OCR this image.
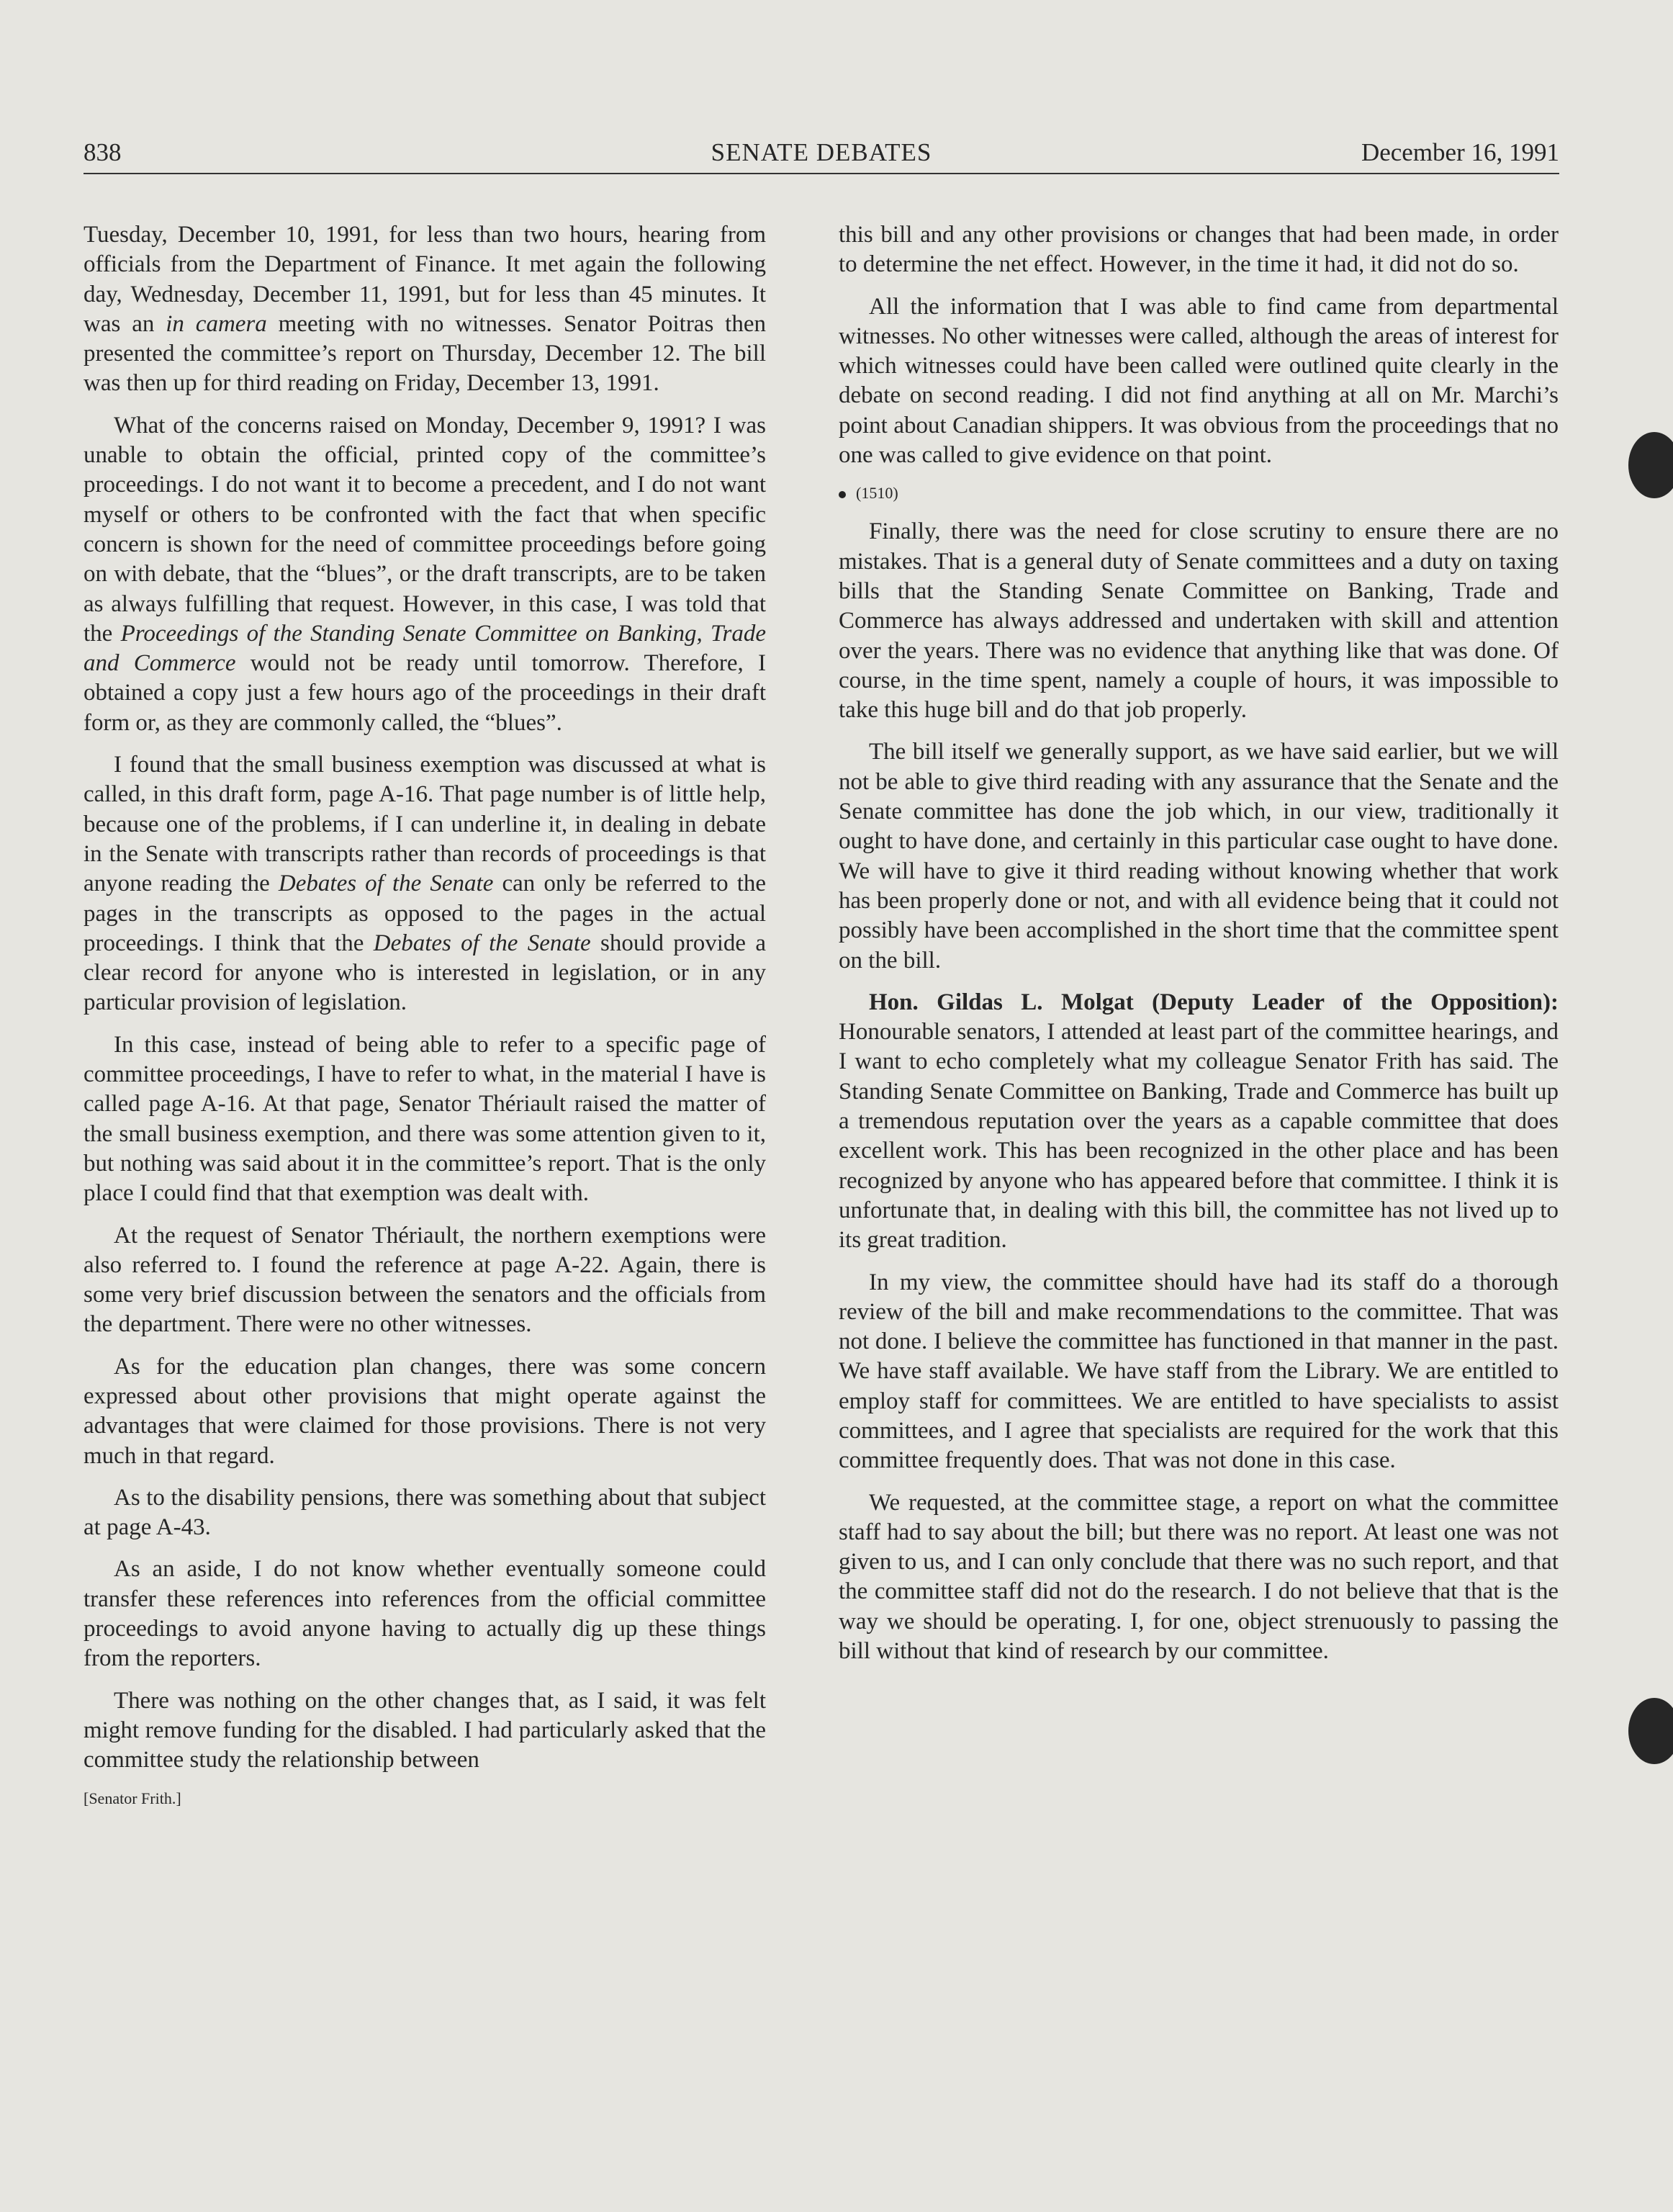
838	SENATE DEBATES	December 16, 1991

Tuesday, December 10, 1991, for less than two hours, hearing from officials from the Department of Finance. It met again the following day, Wednesday, December 11, 1991, but for less than 45 minutes. It was an in camera meeting with no witnesses. Senator Poitras then presented the committee’s report on Thursday, December 12. The bill was then up for third reading on Friday, December 13, 1991.

What of the concerns raised on Monday, December 9, 1991? I was unable to obtain the official, printed copy of the committee’s proceedings. I do not want it to become a precedent, and I do not want myself or others to be confronted with the fact that when specific concern is shown for the need of committee proceedings before going on with debate, that the “blues”, or the draft transcripts, are to be taken as always fulfilling that request. However, in this case, I was told that the Proceedings of the Standing Senate Committee on Banking, Trade and Commerce would not be ready until tomorrow. Therefore, I obtained a copy just a few hours ago of the proceedings in their draft form or, as they are commonly called, the “blues”.

I found that the small business exemption was discussed at what is called, in this draft form, page A-16. That page number is of little help, because one of the problems, if I can underline it, in dealing in debate in the Senate with transcripts rather than records of proceedings is that anyone reading the Debates of the Senate can only be referred to the pages in the transcripts as opposed to the pages in the actual proceedings. I think that the Debates of the Senate should provide a clear record for anyone who is interested in legislation, or in any particular provision of legislation.

In this case, instead of being able to refer to a specific page of committee proceedings, I have to refer to what, in the material I have is called page A-16. At that page, Senator Thériault raised the matter of the small business exemption, and there was some attention given to it, but nothing was said about it in the committee’s report. That is the only place I could find that that exemption was dealt with.

At the request of Senator Thériault, the northern exemptions were also referred to. I found the reference at page A-22. Again, there is some very brief discussion between the senators and the officials from the department. There were no other witnesses.

As for the education plan changes, there was some concern expressed about other provisions that might operate against the advantages that were claimed for those provisions. There is not very much in that regard.

As to the disability pensions, there was something about that subject at page A-43.

As an aside, I do not know whether eventually someone could transfer these references into references from the official committee proceedings to avoid anyone having to actually dig up these things from the reporters.

There was nothing on the other changes that, as I said, it was felt might remove funding for the disabled. I had particularly asked that the committee study the relationship between

[Senator Frith.]

this bill and any other provisions or changes that had been made, in order to determine the net effect. However, in the time it had, it did not do so.

All the information that I was able to find came from departmental witnesses. No other witnesses were called, although the areas of interest for which witnesses could have been called were outlined quite clearly in the debate on second reading. I did not find anything at all on Mr. Marchi’s point about Canadian shippers. It was obvious from the proceedings that no one was called to give evidence on that point.

(1510)

Finally, there was the need for close scrutiny to ensure there are no mistakes. That is a general duty of Senate committees and a duty on taxing bills that the Standing Senate Committee on Banking, Trade and Commerce has always addressed and undertaken with skill and attention over the years. There was no evidence that anything like that was done. Of course, in the time spent, namely a couple of hours, it was impossible to take this huge bill and do that job properly.

The bill itself we generally support, as we have said earlier, but we will not be able to give third reading with any assurance that the Senate and the Senate committee has done the job which, in our view, traditionally it ought to have done, and certainly in this particular case ought to have done. We will have to give it third reading without knowing whether that work has been properly done or not, and with all evidence being that it could not possibly have been accomplished in the short time that the committee spent on the bill.

Hon. Gildas L. Molgat (Deputy Leader of the Opposition): Honourable senators, I attended at least part of the committee hearings, and I want to echo completely what my colleague Senator Frith has said. The Standing Senate Committee on Banking, Trade and Commerce has built up a tremendous reputation over the years as a capable committee that does excellent work. This has been recognized in the other place and has been recognized by anyone who has appeared before that committee. I think it is unfortunate that, in dealing with this bill, the committee has not lived up to its great tradition.

In my view, the committee should have had its staff do a thorough review of the bill and make recommendations to the committee. That was not done. I believe the committee has functioned in that manner in the past. We have staff available. We have staff from the Library. We are entitled to employ staff for committees. We are entitled to have specialists to assist committees, and I agree that specialists are required for the work that this committee frequently does. That was not done in this case.

We requested, at the committee stage, a report on what the committee staff had to say about the bill; but there was no report. At least one was not given to us, and I can only conclude that there was no such report, and that the committee staff did not do the research. I do not believe that that is the way we should be operating. I, for one, object strenuously to passing the bill without that kind of research by our committee.
